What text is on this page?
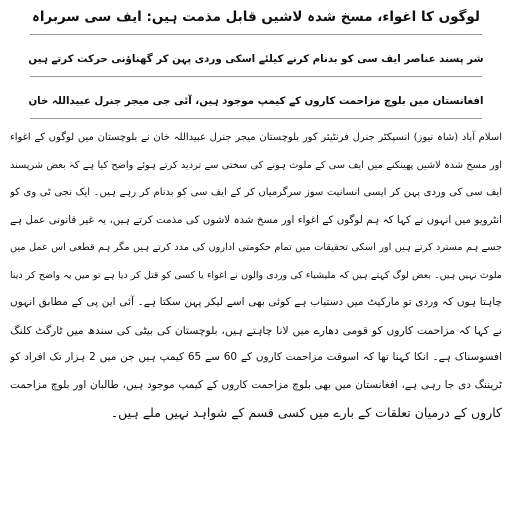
لوگوں کا اغواء، مسخ شدہ لاشیں قابل مذمت ہیں: ایف سی سربراہ
شر پسند عناصر ایف سی کو بدنام کرنے کیلئے اسکی وردی پہن کر گھناؤنی حرکت کرتے ہیں
افغانستان میں بلوچ مزاحمت کاروں کے کیمپ موجود ہیں، آئی جی میجر جنرل عبیداللہ خان
اسلام آباد (شاہ نیوز) انسپکٹر جنرل فرنٹیئر کور بلوچستان میجر جنرل عبیداللہ خان نے بلوچستان میں لوگوں کے اغواء
اور مسخ شدہ لاشیں پھینکنے میں ایف سی کے ملوث ہونے کی سختی سے تردید کرتے ہوئے واضح کیا ہے کہ بعض شرپسند
ایف سی کی وردی پہن کر ایسی انسانیت سوز سرگرمیاں کر کے ایف سی کو بدنام کر رہے ہیں۔ ایک نجی ٹی وی کو
انٹرویو میں انہوں نے کہا کہ ہم لوگوں کے اغواء اور مسخ شدہ لاشوں کی مذمت کرتے ہیں، یہ غیر قانونی عمل ہے
جسے ہم مسترد کرتے ہیں اور اسکی تحقیقات میں تمام حکومتی اداروں کی مدد کرتے ہیں مگر ہم قطعی اس عمل میں
ملوث نہیں ہیں۔ بعض لوگ کہتے ہیں کہ ملیشیاء کی وردی والوں نے اغواء یا کسی کو قتل کر دیا ہے تو میں یہ واضح کر دینا
چاہتا ہوں کہ وردی تو مارکیٹ میں دستیاب ہے کوئی بھی اسے لیکر پہن سکتا ہے۔ آئی این پی کے مطابق انہوں
نے کہا کہ مزاحمت کاروں کو قومی دھارے میں لانا چاہتے ہیں، بلوچستان کی بیٹی کی سندھ میں ٹارگٹ کلنگ
افسوسناک ہے۔ انکا کہنا تھا کہ اسوقت مزاحمت کاروں کے 60 سے 65 کیمپ ہیں جن میں 2 ہزار تک افراد کو
ٹریننگ دی جا رہی ہے، افغانستان میں بھی بلوچ مزاحمت کاروں کے کیمپ موجود ہیں، طالبان اور بلوچ مزاحمت
کاروں کے درمیان تعلقات کے بارے میں کسی قسم کے شواہد نہیں ملے ہیں۔
